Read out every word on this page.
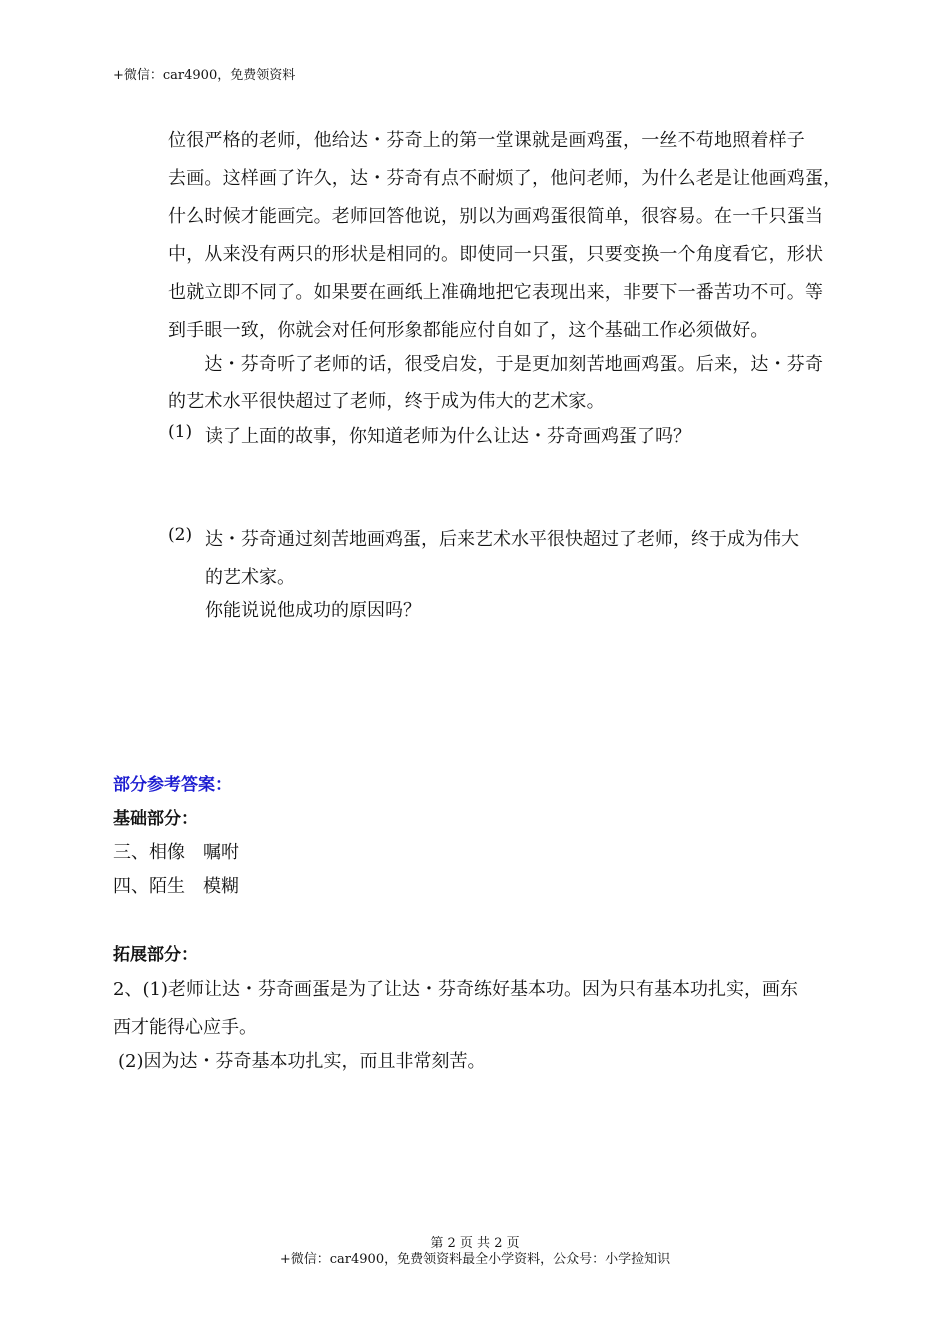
+微信：car4900，免费领资料
位很严格的老师，他给达・芬奇上的第一堂课就是画鸡蛋，一丝不苟地照着样子
去画。这样画了许久，达・芬奇有点不耐烦了，他问老师，为什么老是让他画鸡蛋，
什么时候才能画完。老师回答他说，别以为画鸡蛋很简单，很容易。在一千只蛋当
中，从来没有两只的形状是相同的。即使同一只蛋，只要变换一个角度看它，形状
也就立即不同了。如果要在画纸上准确地把它表现出来，非要下一番苦功不可。等
到手眼一致，你就会对任何形象都能应付自如了，这个基础工作必须做好。
　　达・芬奇听了老师的话，很受启发，于是更加刻苦地画鸡蛋。后来，达・芬奇
的艺术水平很快超过了老师，终于成为伟大的艺术家。
(1) 读了上面的故事，你知道老师为什么让达・芬奇画鸡蛋了吗？
(2) 达・芬奇通过刻苦地画鸡蛋，后来艺术水平很快超过了老师，终于成为伟大
的艺术家。
你能说说他成功的原因吗？
部分参考答案：
基础部分：
三、相像　嘱咐
四、陌生　模糊
拓展部分：
2、(1)老师让达・芬奇画蛋是为了让达・芬奇练好基本功。因为只有基本功扎实，画东
西才能得心应手。
(2)因为达・芬奇基本功扎实，而且非常刻苦。
第 2 页 共 2 页
+微信：car4900，免费领资料最全小学资料，公众号：小学捡知识
